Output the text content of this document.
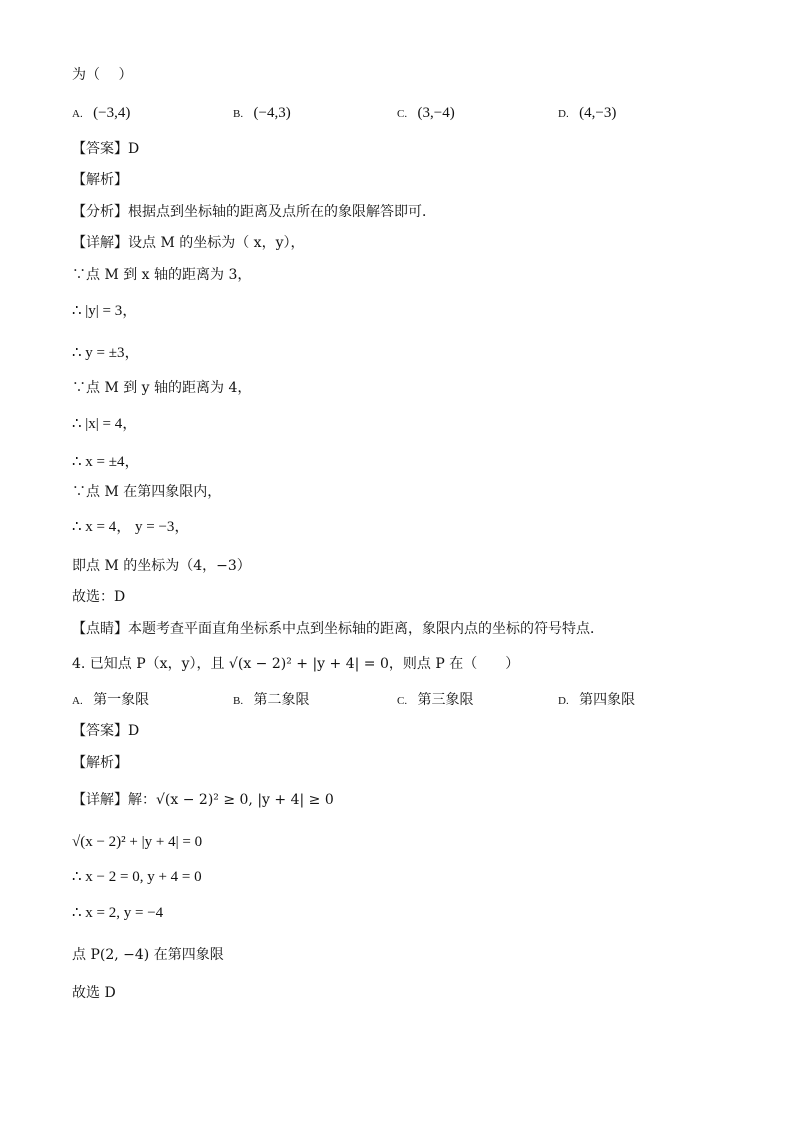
为（　 ）
A. (−3,4)	B. (−4,3)	C. (3,−4)	D. (4,−3)
【答案】D
【解析】
【分析】根据点到坐标轴的距离及点所在的象限解答即可．
【详解】设点 M 的坐标为（ x，y），
∵点 M 到 x 轴的距离为 3，
∴ |y| = 3，
∴ y = ±3，
∵点 M 到 y 轴的距离为 4，
∴ |x| = 4，
∴ x = ±4，
∵点 M 在第四象限内，
∴ x = 4， y = −3，
即点 M 的坐标为（4，−3）
故选：D
【点睛】本题考查平面直角坐标系中点到坐标轴的距离，象限内点的坐标的符号特点．
4. 已知点 P（x，y），且 √(x − 2)² + |y + 4| = 0，则点 P 在（　　）
A. 第一象限	B. 第二象限	C. 第三象限	D. 第四象限
【答案】D
【解析】
【详解】解：√(x − 2)² ≥ 0, |y + 4| ≥ 0
√(x − 2)² + |y + 4| = 0
∴ x − 2 = 0, y + 4 = 0
∴ x = 2, y = −4
点 P(2, −4) 在第四象限
故选 D
